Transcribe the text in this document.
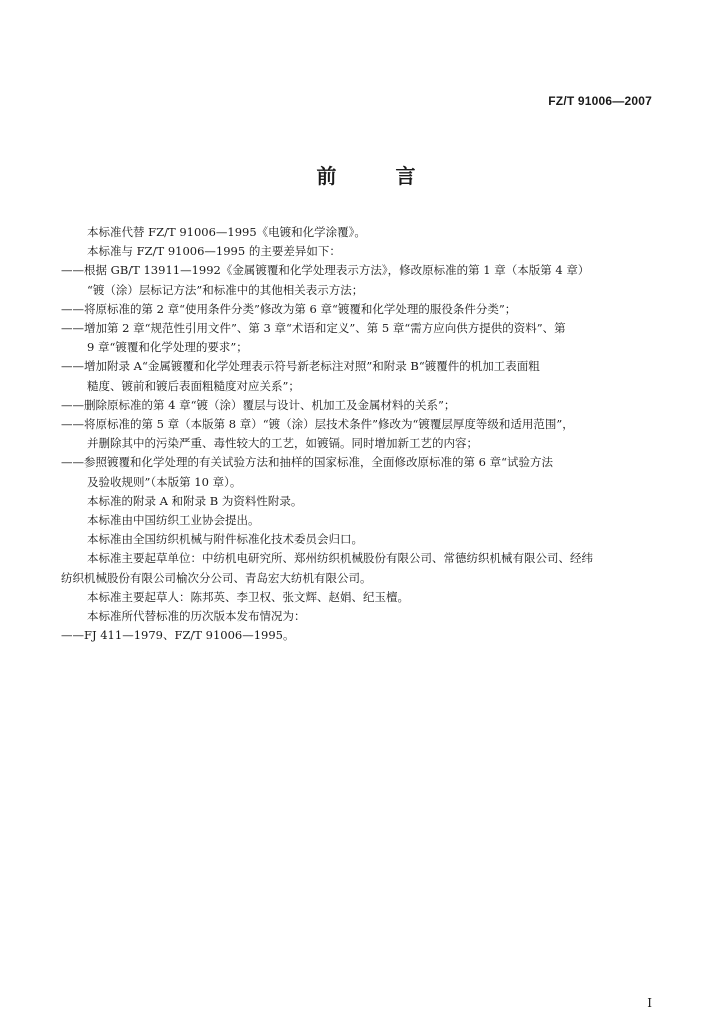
FZ/T 91006—2007
前 言
本标准代替 FZ/T 91006—1995《电镀和化学涂覆》。
本标准与 FZ/T 91006—1995 的主要差异如下：
——根据 GB/T 13911—1992《金属镀覆和化学处理表示方法》，修改原标准的第 1 章（本版第 4 章）
“镀（涂）层标记方法”和标准中的其他相关表示方法；
——将原标准的第 2 章“使用条件分类”修改为第 6 章“镀覆和化学处理的服役条件分类”；
——增加第 2 章“规范性引用文件”、第 3 章“术语和定义”、第 5 章“需方应向供方提供的资料”、第
9 章“镀覆和化学处理的要求”；
——增加附录 A“金属镀覆和化学处理表示符号新老标注对照”和附录 B“镀覆件的机加工表面粗
糙度、镀前和镀后表面粗糙度对应关系”；
——删除原标准的第 4 章“镀（涂）覆层与设计、机加工及金属材料的关系”；
——将原标准的第 5 章（本版第 8 章）“镀（涂）层技术条件”修改为“镀覆层厚度等级和适用范围”，
并删除其中的污染严重、毒性较大的工艺，如镀镉。同时增加新工艺的内容；
——参照镀覆和化学处理的有关试验方法和抽样的国家标准，全面修改原标准的第 6 章“试验方法
及验收规则”（本版第 10 章）。
本标准的附录 A 和附录 B 为资料性附录。
本标准由中国纺织工业协会提出。
本标准由全国纺织机械与附件标准化技术委员会归口。
本标准主要起草单位：中纺机电研究所、郑州纺织机械股份有限公司、常德纺织机械有限公司、经纬
纺织机械股份有限公司榆次分公司、青岛宏大纺机有限公司。
本标准主要起草人：陈邦英、李卫权、张文辉、赵娟、纪玉檀。
本标准所代替标准的历次版本发布情况为：
——FJ 411—1979、FZ/T 91006—1995。
I
